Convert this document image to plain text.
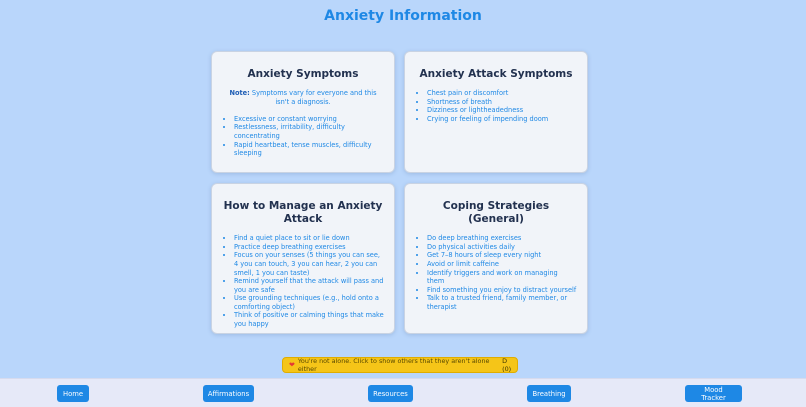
Anxiety Information
Anxiety Symptoms

Note: Symptoms vary for everyone and this isn't a diagnosis.

• Excessive or constant worrying
• Restlessness, irritability, difficulty concentrating
• Rapid heartbeat, tense muscles, difficulty sleeping
Anxiety Attack Symptoms
• Chest pain or discomfort
• Shortness of breath
• Dizziness or lightheadedness
• Crying or feeling of impending doom
How to Manage an Anxiety Attack
• Find a quiet place to sit or lie down
• Practice deep breathing exercises
• Focus on your senses (5 things you can see, 4 you can touch, 3 you can hear, 2 you can smell, 1 you can taste)
• Remind yourself that the attack will pass and you are safe
• Use grounding techniques (e.g., hold onto a comforting object)
• Think of positive or calming things that make you happy
Coping Strategies (General)
• Do deep breathing exercises
• Do physical activities daily
• Get 7–8 hours of sleep every night
• Avoid or limit caffeine
• Identify triggers and work on managing them
• Find something you enjoy to distract yourself
• Talk to a trusted friend, family member, or therapist
❤ You're not alone. Click to show others that they aren't alone either
D (0)
Home	Affirmations	Resources	Breathing	Mood Tracker
